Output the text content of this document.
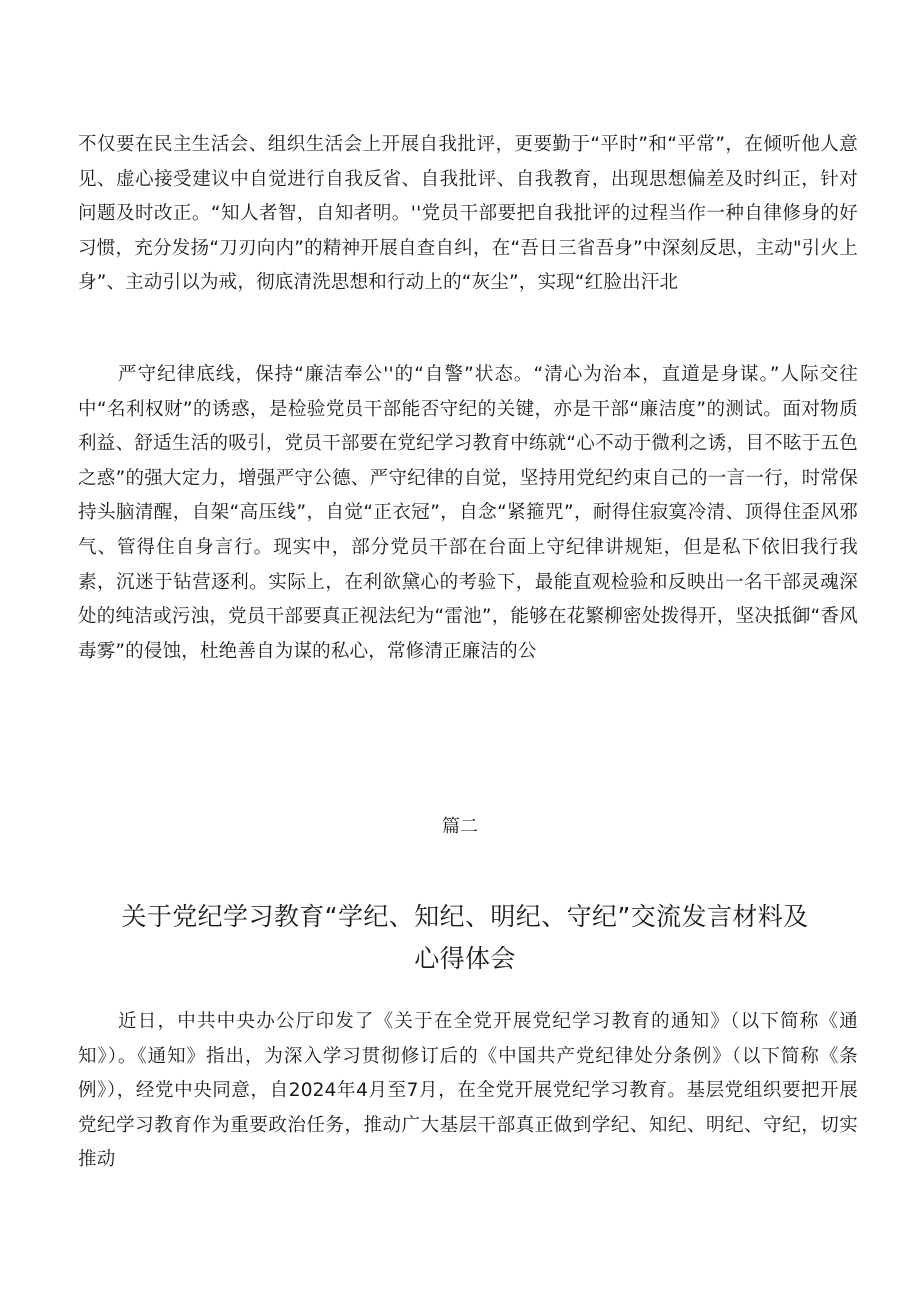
不仅要在民主生活会、组织生活会上开展自我批评，更要勤于“平时”和“平常”，在倾听他人意见、虚心接受建议中自觉进行自我反省、自我批评、自我教育，出现思想偏差及时纠正，针对问题及时改正。“知人者智，自知者明。''党员干部要把自我批评的过程当作一种自律修身的好习惯，充分发扬“刀刃向内”的精神开展自查自纠，在“吾日三省吾身”中深刻反思，主动"引火上身”、主动引以为戒，彻底清洗思想和行动上的“灰尘”，实现“红脸出汗北

严守纪律底线，保持“廉洁奉公''的“自警”状态。“清心为治本，直道是身谋。”人际交往中“名利权财”的诱惑，是检验党员干部能否守纪的关键，亦是干部“廉洁度”的测试。面对物质利益、舒适生活的吸引，党员干部要在党纪学习教育中练就“心不动于微利之诱，目不眩于五色之惑”的强大定力，增强严守公德、严守纪律的自觉，坚持用党纪约束自己的一言一行，时常保持头脑清醒，自架“高压线”，自觉“正衣冠”，自念“紧箍咒”，耐得住寂寞冷清、顶得住歪风邪气、管得住自身言行。现实中，部分党员干部在台面上守纪律讲规矩，但是私下依旧我行我素，沉迷于钻营逐利。实际上，在利欲黛心的考验下，最能直观检验和反映出一名干部灵魂深处的纯洁或污浊，党员干部要真正视法纪为“雷池”，能够在花繁柳密处拨得开，坚决抵御“香风毒雾”的侵蚀，杜绝善自为谋的私心，常修清正廉洁的公

篇二

关于党纪学习教育“学纪、知纪、明纪、守纪”交流发言材料及心得体会

近日，中共中央办公厅印发了《关于在全党开展党纪学习教育的通知》（以下简称《通知》）。《通知》指出，为深入学习贯彻修订后的《中国共产党纪律处分条例》（以下简称《条例》），经党中央同意，自2024年4月至7月，在全党开展党纪学习教育。基层党组织要把开展党纪学习教育作为重要政治任务，推动广大基层干部真正做到学纪、知纪、明纪、守纪，切实推动
